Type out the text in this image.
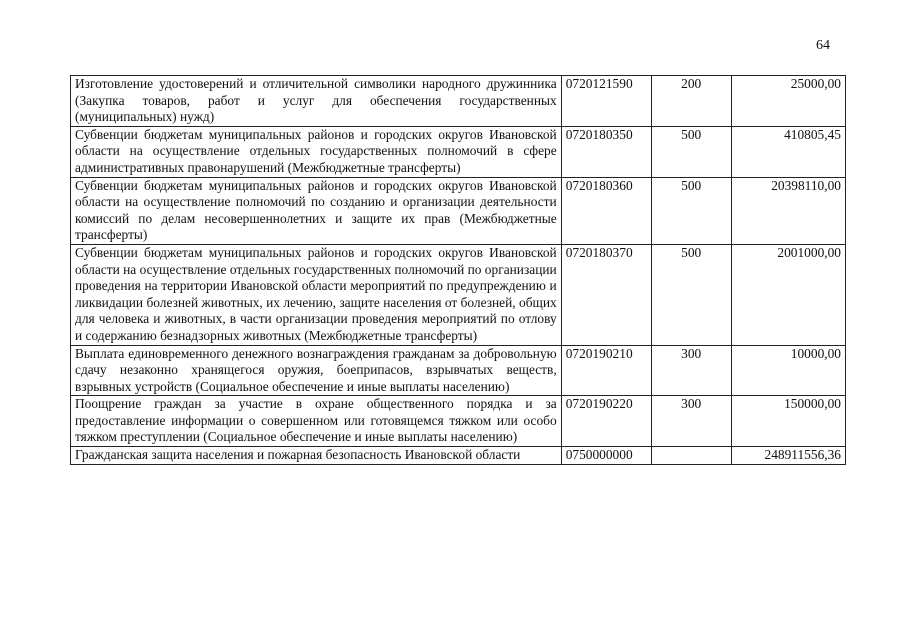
64
Изготовление удостоверений и отличительной символики народного дружинника (Закупка товаров, работ и услуг для обеспечения государственных (муниципальных) нужд)	0720121590	200	25000,00
Субвенции бюджетам муниципальных районов и городских округов Ивановской области на осуществление отдельных государственных полномочий в сфере административных правонарушений (Межбюджетные трансферты)	0720180350	500	410805,45
Субвенции бюджетам муниципальных районов и городских округов Ивановской области на осуществление полномочий по созданию и организации деятельности комиссий по делам несовершеннолетних и защите их прав (Межбюджетные трансферты)	0720180360	500	20398110,00
Субвенции бюджетам муниципальных районов и городских округов Ивановской области на осуществление отдельных государственных полномочий по организации проведения на территории Ивановской области мероприятий по предупреждению и ликвидации болезней животных, их лечению, защите населения от болезней, общих для человека и животных, в части организации проведения мероприятий по отлову и содержанию безнадзорных животных (Межбюджетные трансферты)	0720180370	500	2001000,00
Выплата единовременного денежного вознаграждения гражданам за добровольную сдачу незаконно хранящегося оружия, боеприпасов, взрывчатых веществ, взрывных устройств (Социальное обеспечение и иные выплаты населению)	0720190210	300	10000,00
Поощрение граждан за участие в охране общественного порядка и за предоставление информации о совершенном или готовящемся тяжком или особо тяжком преступлении (Социальное обеспечение и иные выплаты населению)	0720190220	300	150000,00
Гражданская защита населения и пожарная безопасность Ивановской области	0750000000		248911556,36
